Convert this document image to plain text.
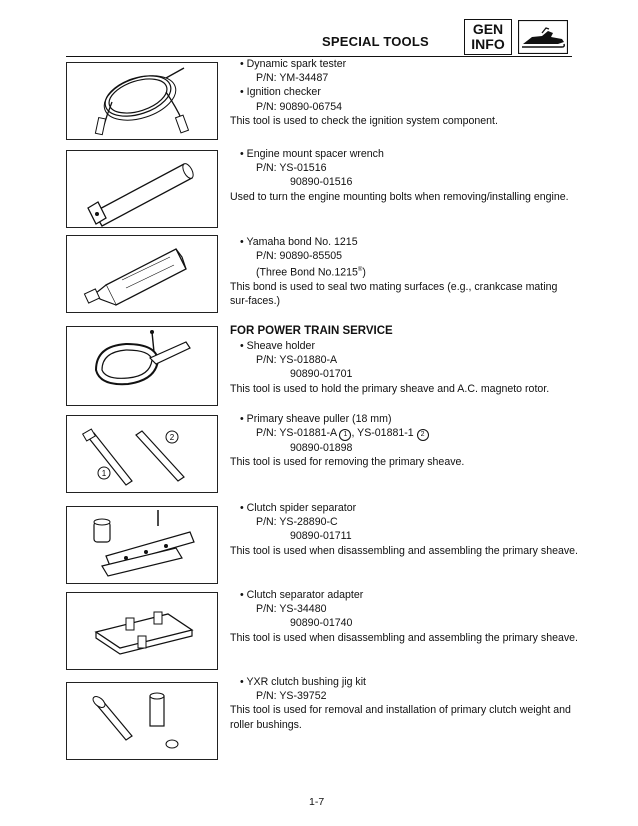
SPECIAL TOOLS
GEN
INFO

• Dynamic spark tester

P/N: YM-34487

• Ignition checker

P/N: 90890-06754

This tool is used to check the ignition system component.

• Engine mount spacer wrench

P/N: YS-01516

90890-01516

Used to turn the engine mounting bolts when removing/installing engine.

• Yamaha bond No. 1215

P/N: 90890-85505

(Three Bond No.1215®)

This bond is used to seal two mating surfaces (e.g., crankcase mating sur-faces.)

FOR POWER TRAIN SERVICE

• Sheave holder

P/N: YS-01880-A

90890-01701

This tool is used to hold the primary sheave and A.C. magneto rotor.

2
1

• Primary sheave puller (18 mm)

P/N: YS-01881-A 1 , YS-01881-1 2

90890-01898

This tool is used for removing the primary sheave.

• Clutch spider separator

P/N: YS-28890-C

90890-01711

This tool is used when disassembling and assembling the primary sheave.

• Clutch separator adapter

P/N: YS-34480

90890-01740

This tool is used when disassembling and assembling the primary sheave.

• YXR clutch bushing jig kit

P/N: YS-39752

This tool is used for removal and installation of primary clutch weight and roller bushings.

1-7
